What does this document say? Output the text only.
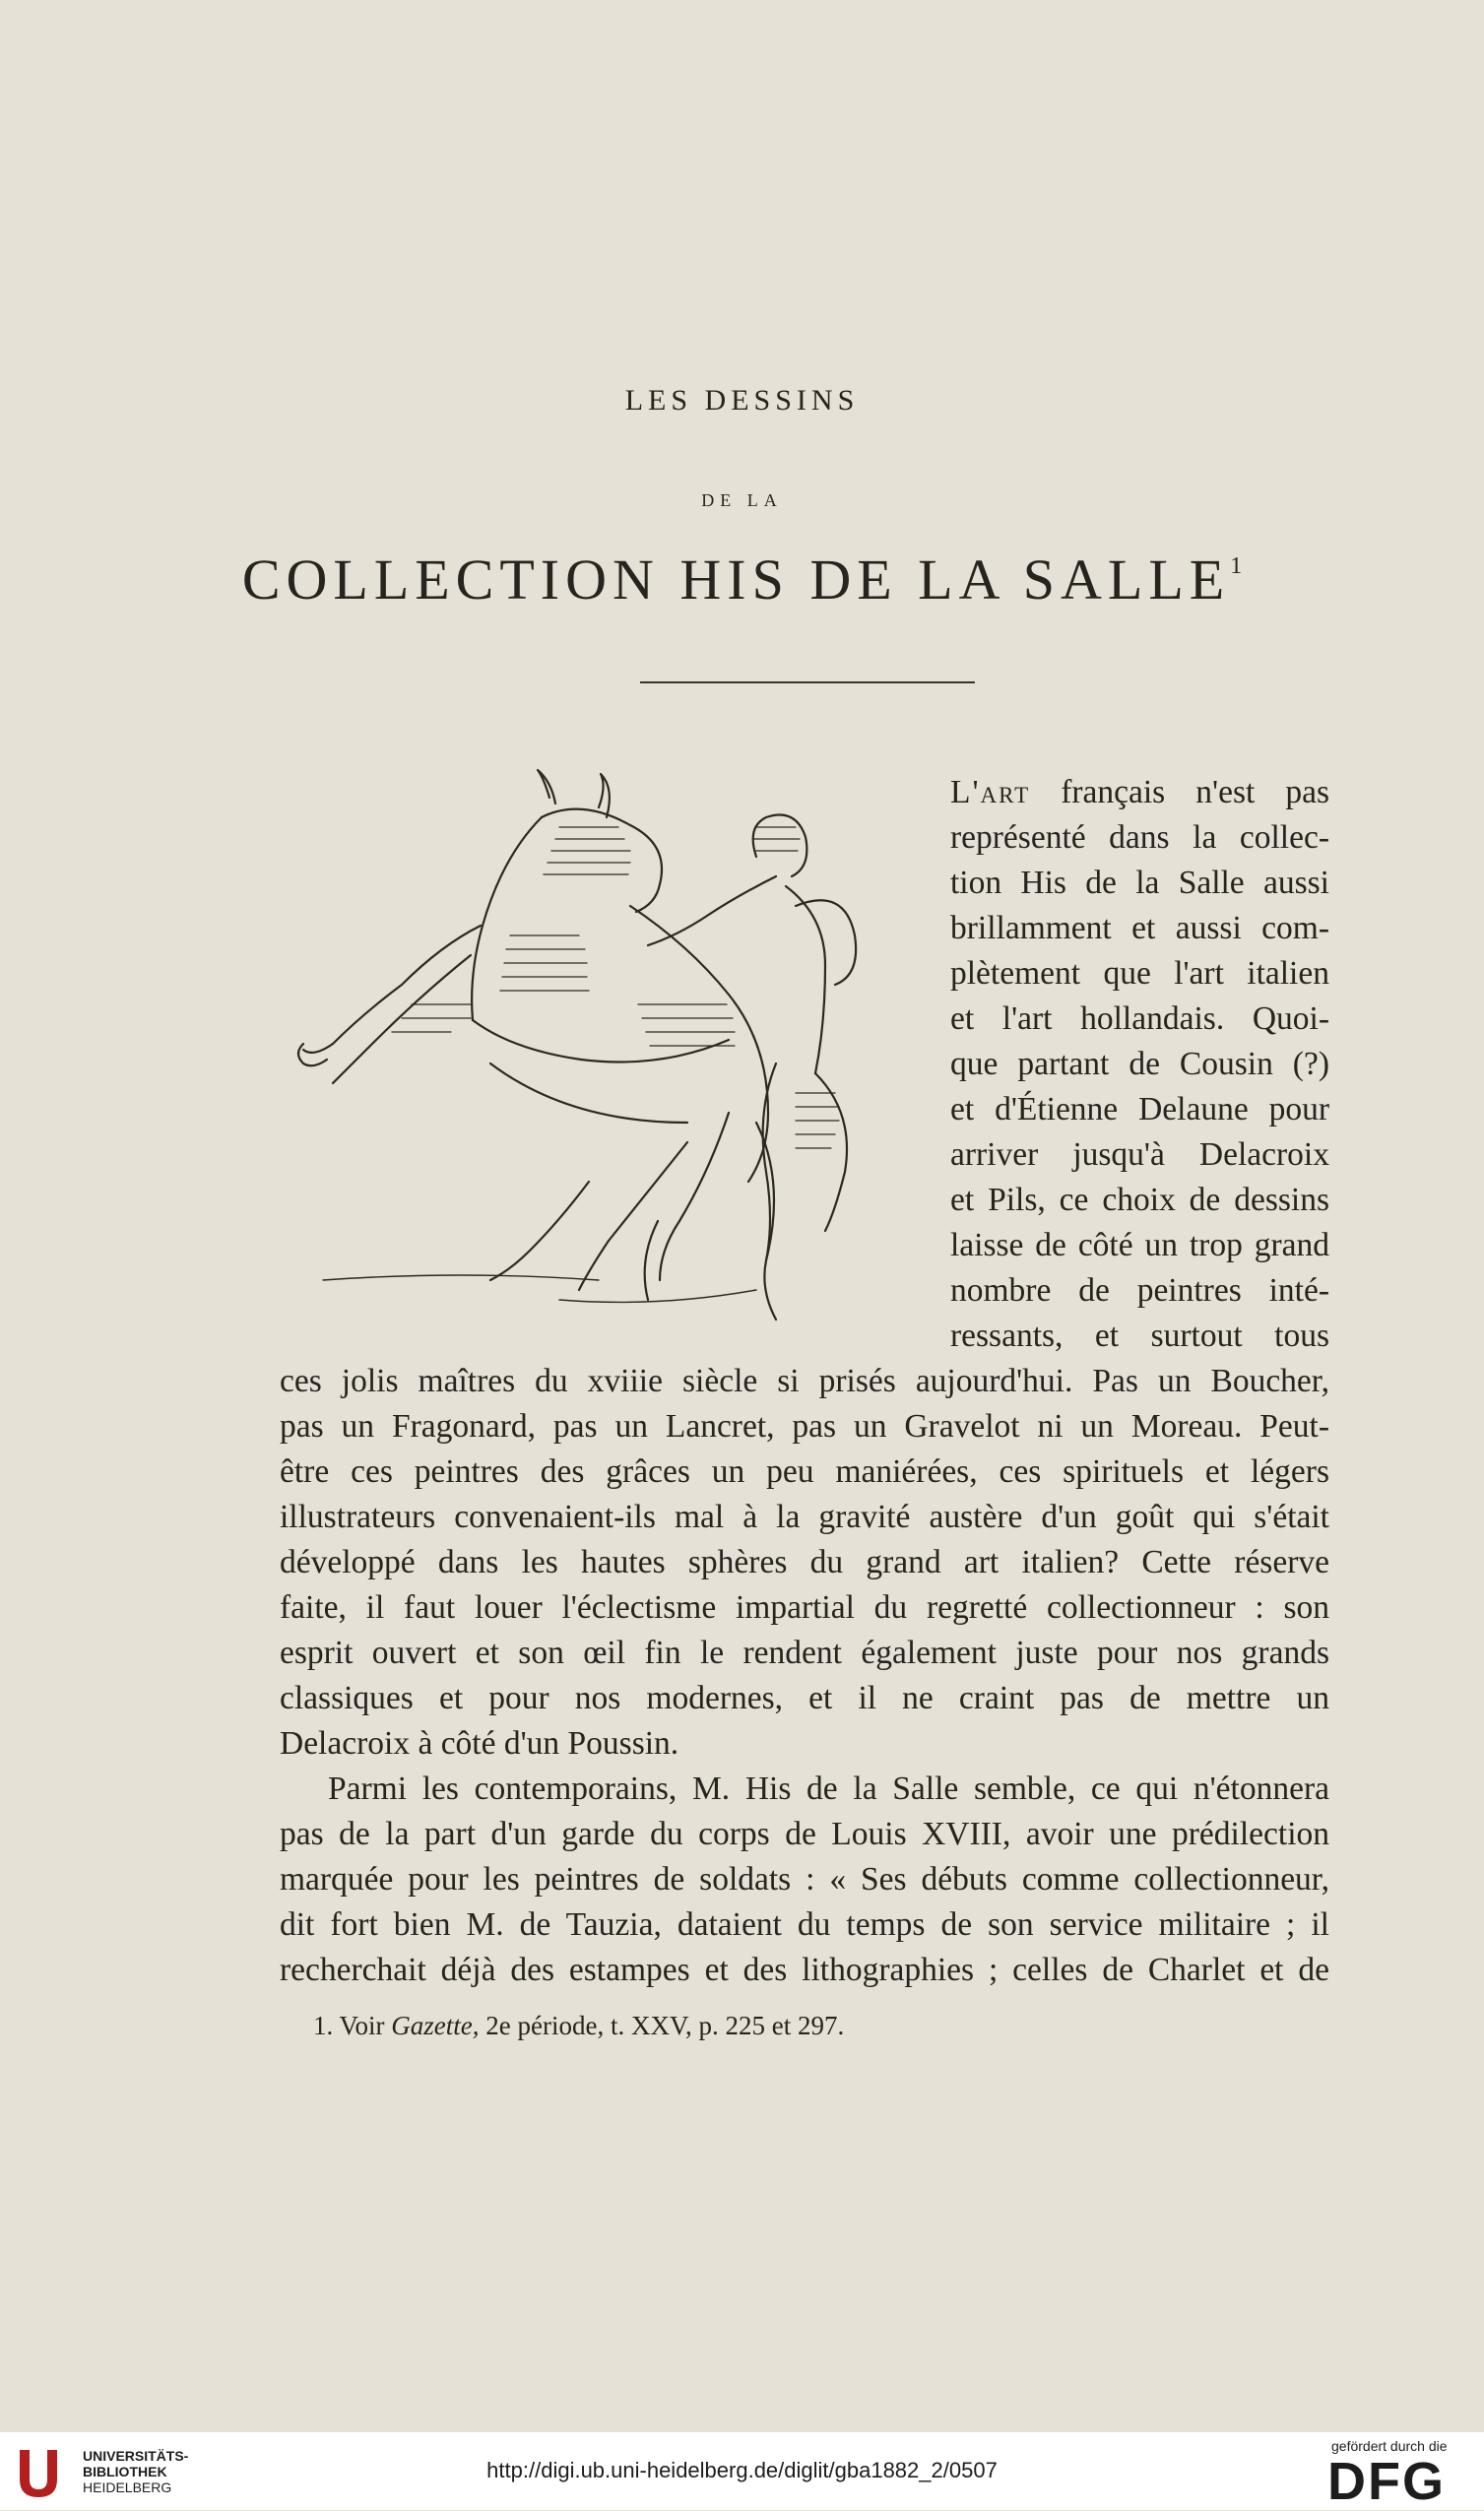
LES DESSINS
DE LA
COLLECTION HIS DE LA SALLE$^1$
L'art français n'est pas
représenté dans la collec-
tion His de la Salle aussi
brillamment et aussi com-
plètement que l'art italien
et l'art hollandais. Quoi-
que partant de Cousin (?)
et d'Étienne Delaune pour
arriver jusqu'à Delacroix
et Pils, ce choix de dessins
laisse de côté un trop grand
nombre de peintres inté-
ressants, et surtout tous
ces jolis maîtres du xviiie siècle si prisés aujourd'hui. Pas un Boucher,
pas un Fragonard, pas un Lancret, pas un Gravelot ni un Moreau. Peut-
être ces peintres des grâces un peu maniérées, ces spirituels et légers
illustrateurs convenaient-ils mal à la gravité austère d'un goût qui s'était
développé dans les hautes sphères du grand art italien? Cette réserve
faite, il faut louer l'éclectisme impartial du regretté collectionneur : son
esprit ouvert et son œil fin le rendent également juste pour nos grands
classiques et pour nos modernes, et il ne craint pas de mettre un
Delacroix à côté d'un Poussin.
Parmi les contemporains, M. His de la Salle semble, ce qui n'étonnera
pas de la part d'un garde du corps de Louis XVIII, avoir une prédilection
marquée pour les peintres de soldats : « Ses débuts comme collectionneur,
dit fort bien M. de Tauzia, dataient du temps de son service militaire ; il
recherchait déjà des estampes et des lithographies ; celles de Charlet et de
1. Voir Gazette, 2e période, t. XXV, p. 225 et 297.
UNIVERSITÄTS-
BIBLIOTHEK
HEIDELBERG
http://digi.ub.uni-heidelberg.de/diglit/gba1882_2/0507
gefördert durch die
DFG
